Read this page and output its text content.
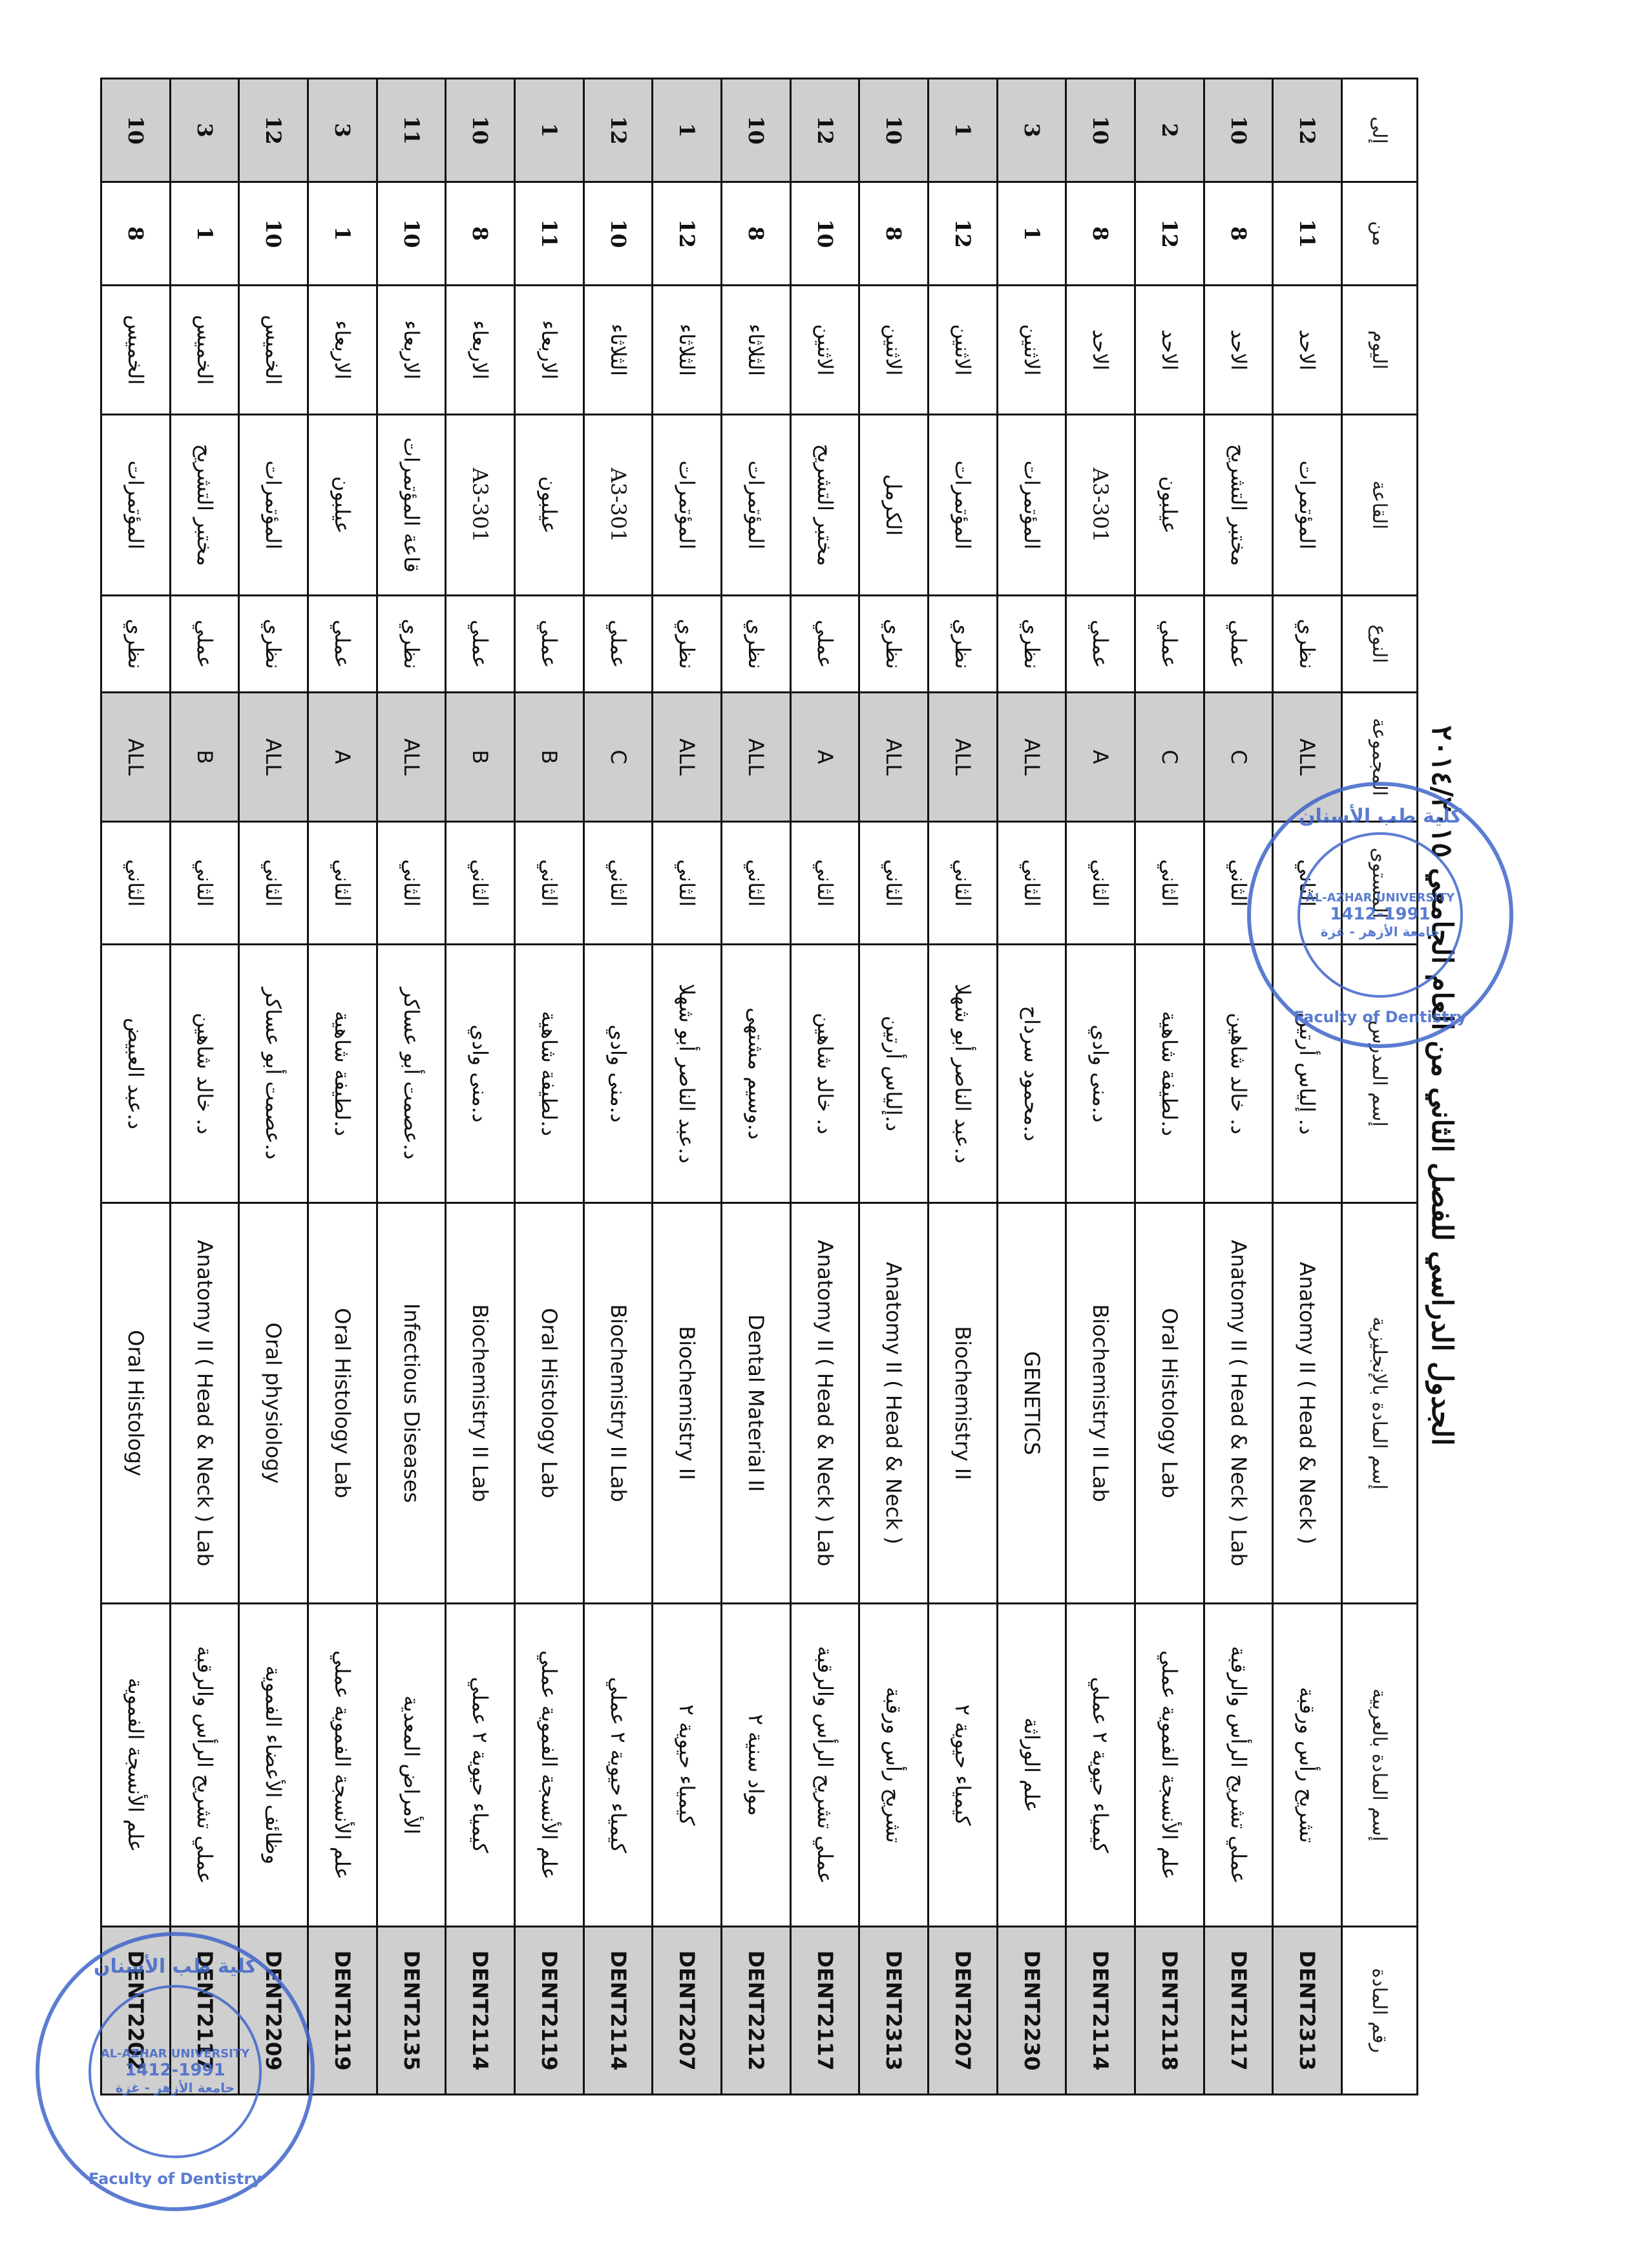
الجدول الدراسي للفصل الثاني من العام الجامعي ٢٠١٤/٢٠١٥
رقم المادة	إسم المادة بالعربية	إسم المادة بالإنجليزية	إسم المدرس	المستوى	المجموعة	النوع	القاعة	اليوم	من	إلى
DENT2313	تشريح رأس ورقبة	Anatomy II ( Head & Neck )	د. إلياس أرتين	الثاني	ALL	نظري	المؤتمرات	الاحد	11	12
DENT2117	عملي تشريح الرأس والرقبة	Anatomy II ( Head & Neck ) Lab	د. خالد شاهين	الثاني	C	عملي	مختبر التشريح	الاحد	8	10
DENT2118	علم الأنسجة الفموية عملي	Oral Histology Lab	د.لطيفة شاهية	الثاني	C	عملي	عيلبون	الاحد	12	2
DENT2114	كيمياء حيوية ٢ عملي	Biochemistry II Lab	د.منى وادي	الثاني	A	عملي	A3-301	الاحد	8	10
DENT2230	علم الوراثة	GENETICS	د.محمود سرداح	الثاني	ALL	نظري	المؤتمرات	الاثنين	1	3
DENT2207	كيمياء حيوية ٢	Biochemistry II	د.عبد الناصر أبو شهلا	الثاني	ALL	نظري	المؤتمرات	الاثنين	12	1
DENT2313	تشريح رأس ورقبة	Anatomy II ( Head & Neck )	د.إلياس أرتين	الثاني	ALL	نظري	الكرمل	الاثنين	8	10
DENT2117	عملي تشريح الرأس والرقبة	Anatomy II ( Head & Neck ) Lab	د. خالد شاهين	الثاني	A	عملي	مختبر التشريح	الاثنين	10	12
DENT2212	مواد سنية ٢	Dental Material II	د.وسيم مشتهى	الثاني	ALL	نظري	المؤتمرات	الثلاثاء	8	10
DENT2207	كيمياء حيوية ٢	Biochemistry II	د.عبد الناصر أبو شهلا	الثاني	ALL	نظري	المؤتمرات	الثلاثاء	12	1
DENT2114	كيمياء حيوية ٢ عملي	Biochemistry II Lab	د.منى وادي	الثاني	C	عملي	A3-301	الثلاثاء	10	12
DENT2119	علم الأنسجة الفموية عملي	Oral Histology Lab	د.لطيفة شاهية	الثاني	B	عملي	عيلبون	الاربعاء	11	1
DENT2114	كيمياء حيوية ٢ عملي	Biochemistry II Lab	د.منى وادي	الثاني	B	عملي	A3-301	الاربعاء	8	10
DENT2135	الأمراض المعدية	Infectious Diseases	د.عصمت أبو عساكر	الثاني	ALL	نظري	قاعة المؤتمرات	الاربعاء	10	11
DENT2119	علم الأنسجة الفموية عملي	Oral Histology Lab	د.لطيفة شاهية	الثاني	A	عملي	عيلبون	الاربعاء	1	3
DENT2209	وظائف الأعضاء الفموية	Oral physiology	د.عصمت أبو عساكر	الثاني	ALL	نظري	المؤتمرات	الخميس	10	12
DENT2117	عملي تشريح الرأس والرقبة	Anatomy II ( Head & Neck ) Lab	د. خالد شاهين	الثاني	B	عملي	مختبر التشريح	الخميس	1	3
DENT2202	علم الأنسجة الفموية	Oral Histology	د.عبد العبيض	الثاني	ALL	نظري	المؤتمرات	الخميس	8	10
كلية طب الأسنان
AL-AZHAR UNIVERSITY
1412-1991
جامعة الأزهر - غزة
Faculty of Dentistry
كلية طب الأسنان
AL-AZHAR UNIVERSITY
1412-1991
جامعة الأزهر - غزة
Faculty of Dentistry
